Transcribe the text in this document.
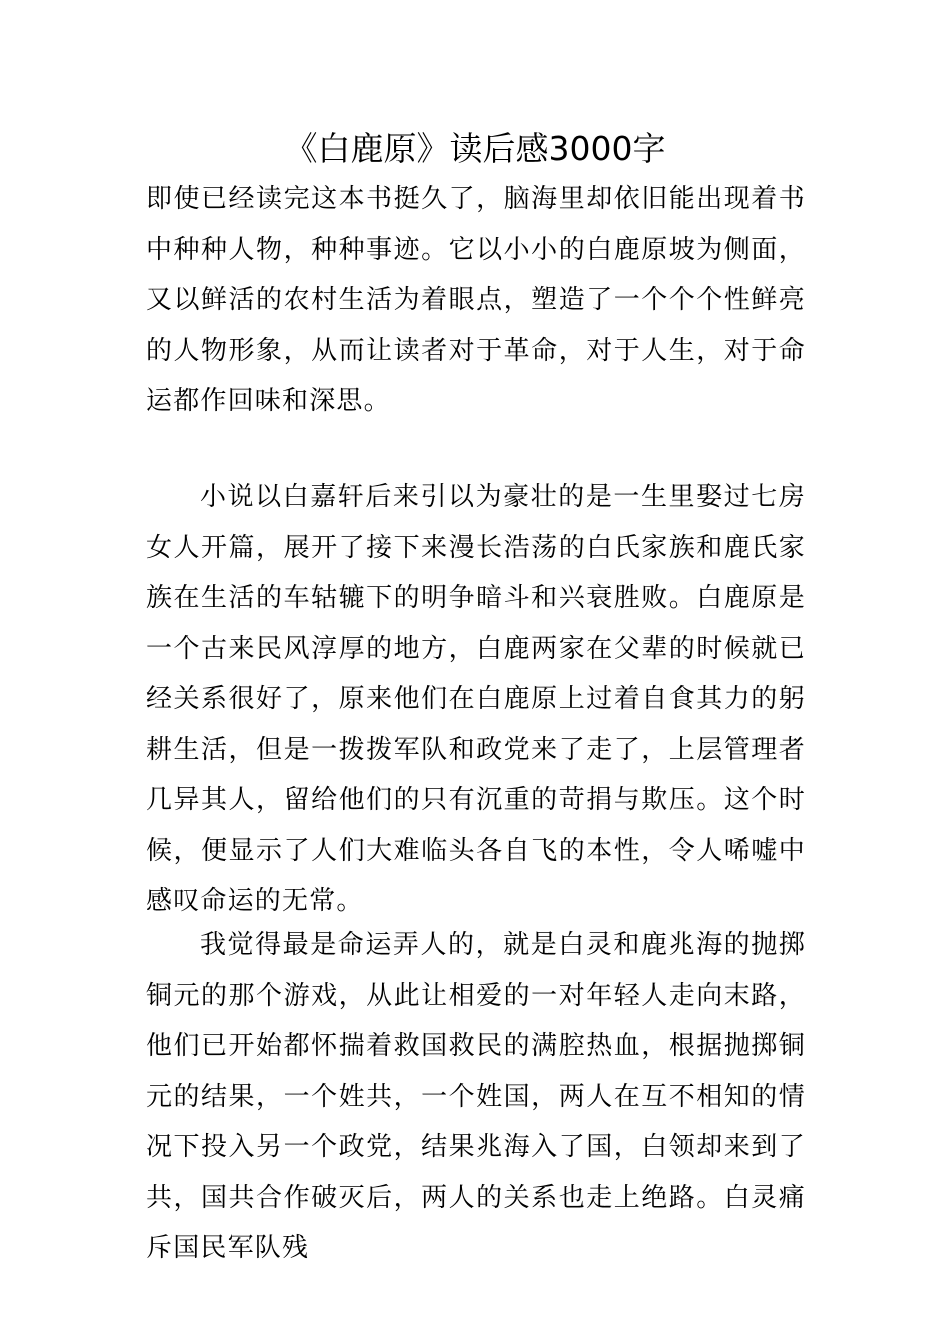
《白鹿原》读后感3000字

即使已经读完这本书挺久了，脑海里却依旧能出现着书中种种人物，种种事迹。它以小小的白鹿原坡为侧面，又以鲜活的农村生活为着眼点，塑造了一个个个性鲜亮的人物形象，从而让读者对于革命，对于人生，对于命运都作回味和深思。

小说以白嘉轩后来引以为豪壮的是一生里娶过七房女人开篇，展开了接下来漫长浩荡的白氏家族和鹿氏家族在生活的车轱辘下的明争暗斗和兴衰胜败。白鹿原是一个古来民风淳厚的地方，白鹿两家在父辈的时候就已经关系很好了，原来他们在白鹿原上过着自食其力的躬耕生活，但是一拨拨军队和政党来了走了，上层管理者几异其人，留给他们的只有沉重的苛捐与欺压。这个时候，便显示了人们大难临头各自飞的本性，令人唏嘘中感叹命运的无常。

我觉得最是命运弄人的，就是白灵和鹿兆海的抛掷铜元的那个游戏，从此让相爱的一对年轻人走向末路，他们已开始都怀揣着救国救民的满腔热血，根据抛掷铜元的结果，一个姓共，一个姓国，两人在互不相知的情况下投入另一个政党，结果兆海入了国，白领却来到了共，国共合作破灭后，两人的关系也走上绝路。白灵痛斥国民军队残
